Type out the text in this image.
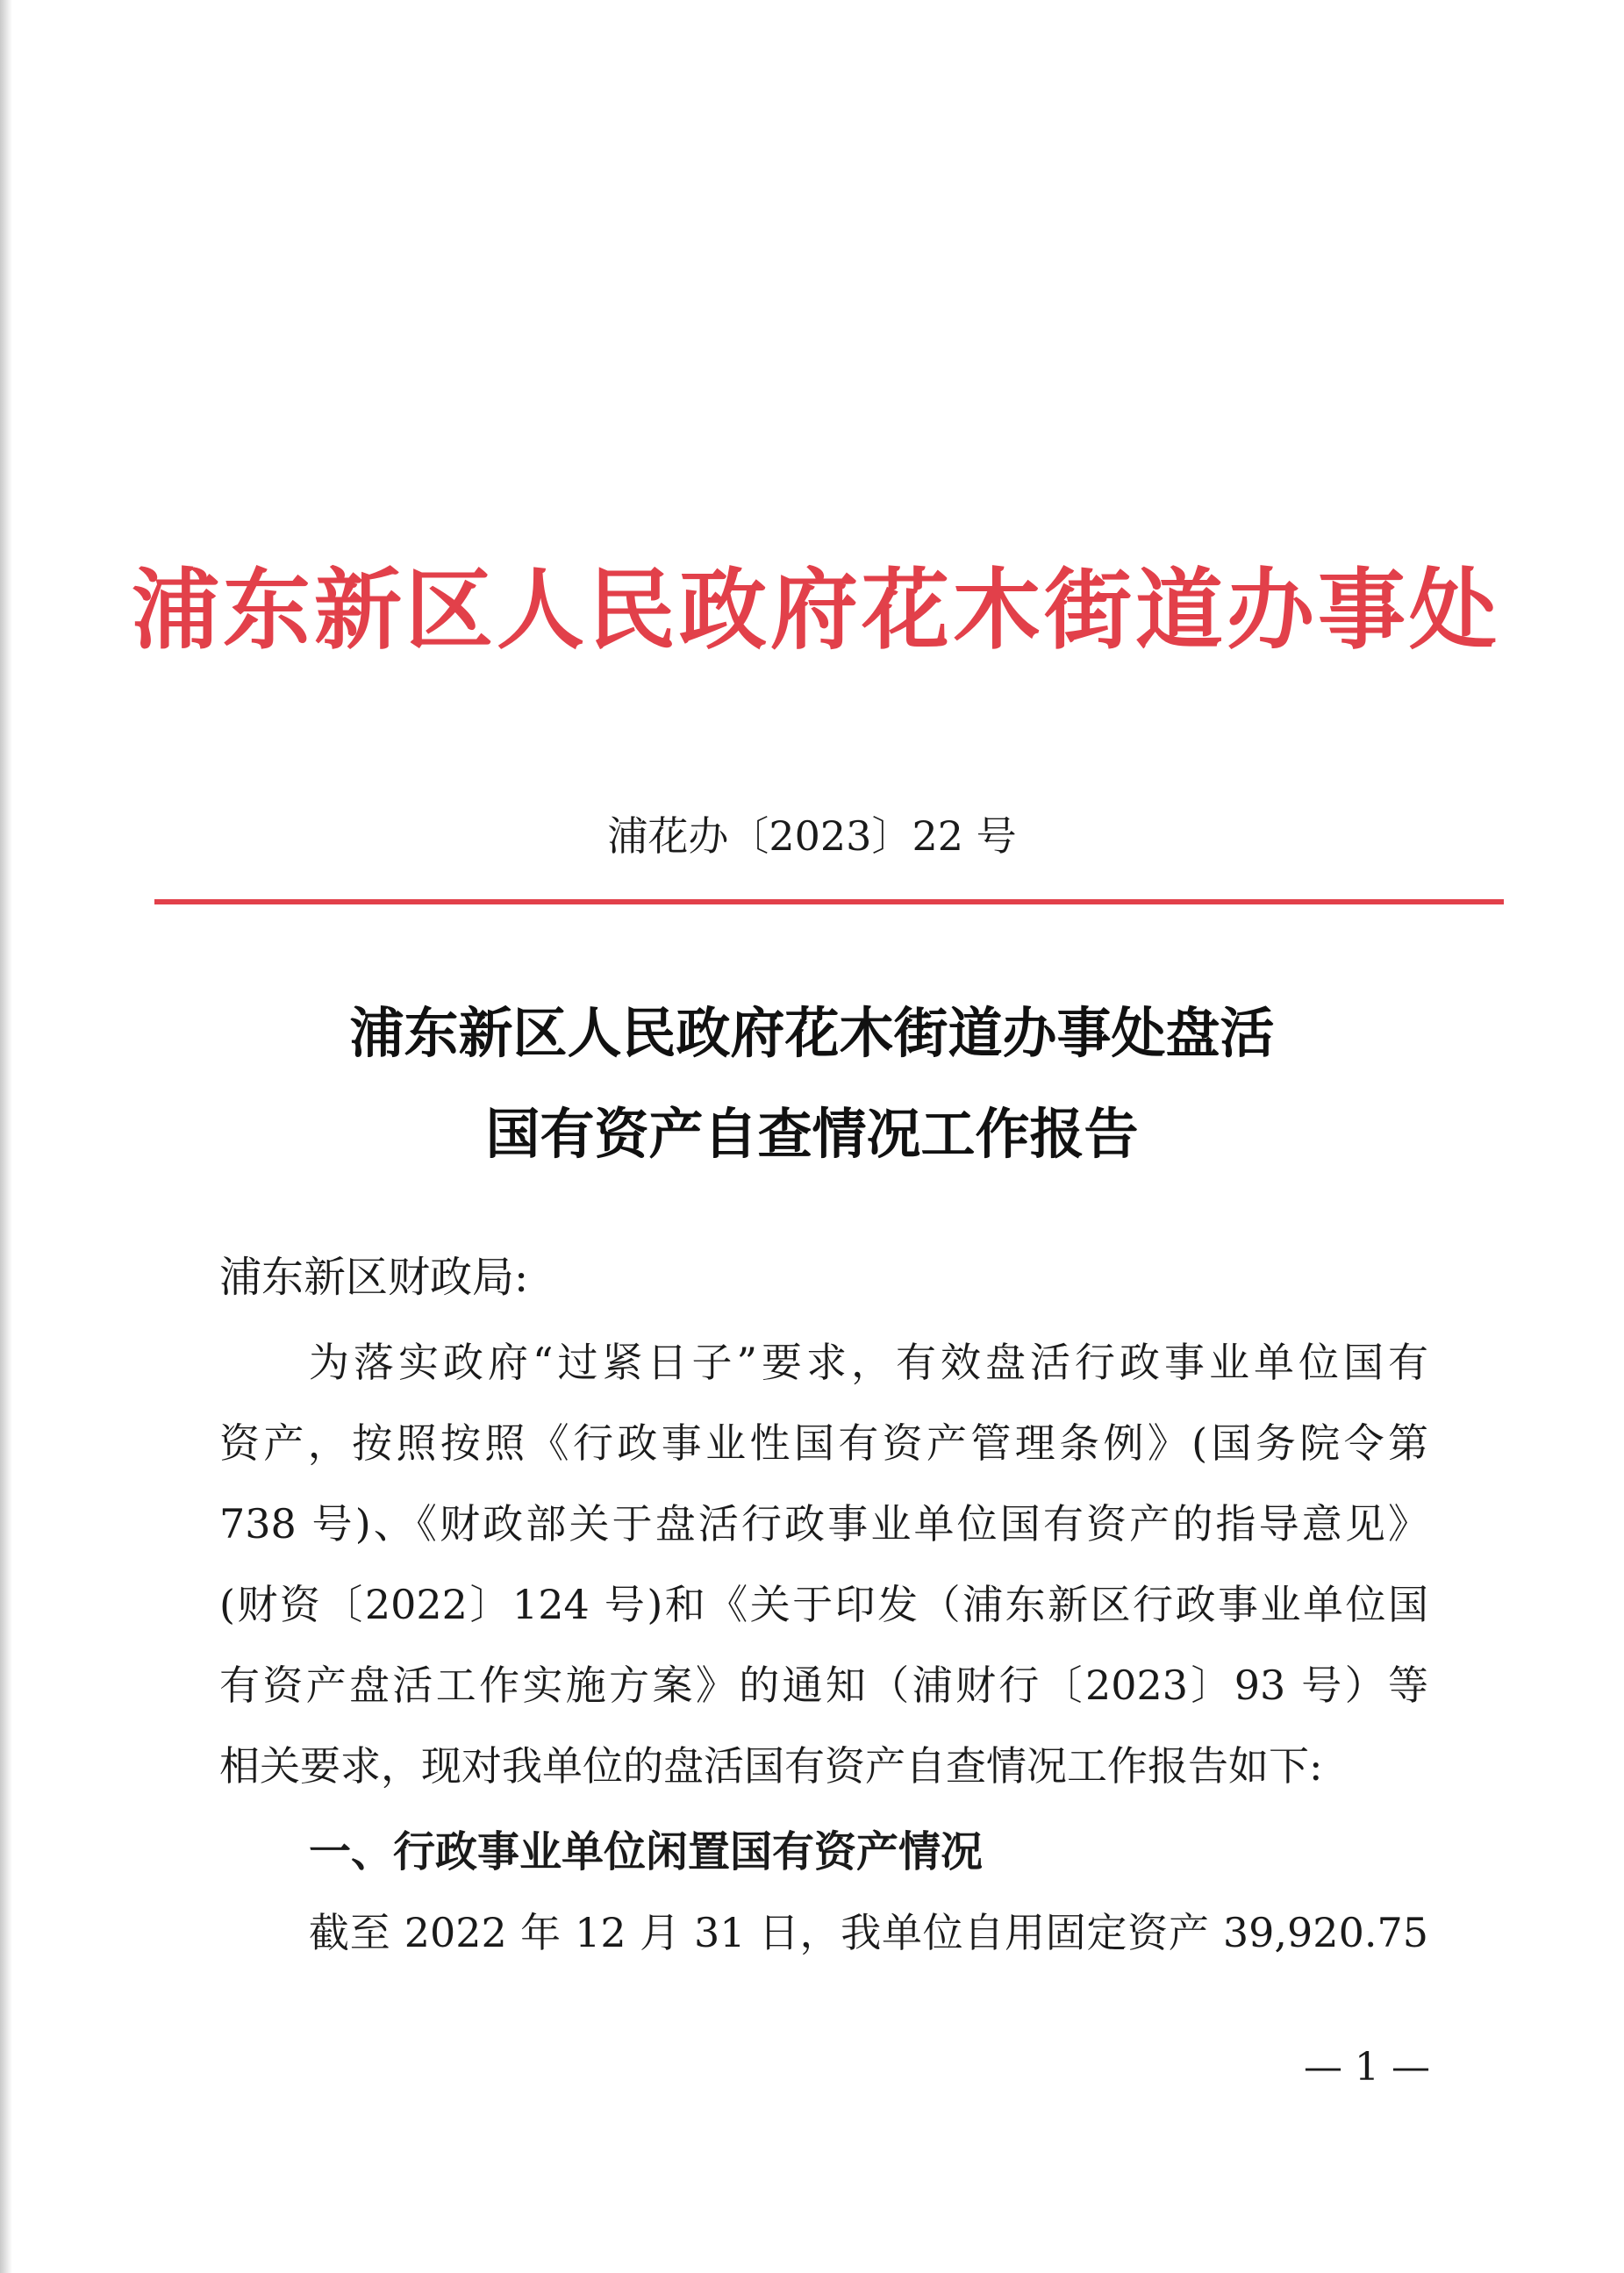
浦东新区人民政府花木街道办事处
浦花办〔2023〕22 号
浦东新区人民政府花木街道办事处盘活
国有资产自查情况工作报告
浦东新区财政局:
为落实政府“过紧日子”要求，有效盘活行政事业单位国有
资产，按照按照《行政事业性国有资产管理条例》(国务院令第
738 号)、《财政部关于盘活行政事业单位国有资产的指导意见》
(财资〔2022〕124 号)和《关于印发（浦东新区行政事业单位国
有资产盘活工作实施方案》的通知（浦财行〔2023〕93 号）等
相关要求，现对我单位的盘活国有资产自查情况工作报告如下:
一、行政事业单位闲置国有资产情况
截至 2022 年 12 月 31 日，我单位自用固定资产 39,920.75
— 1 —
